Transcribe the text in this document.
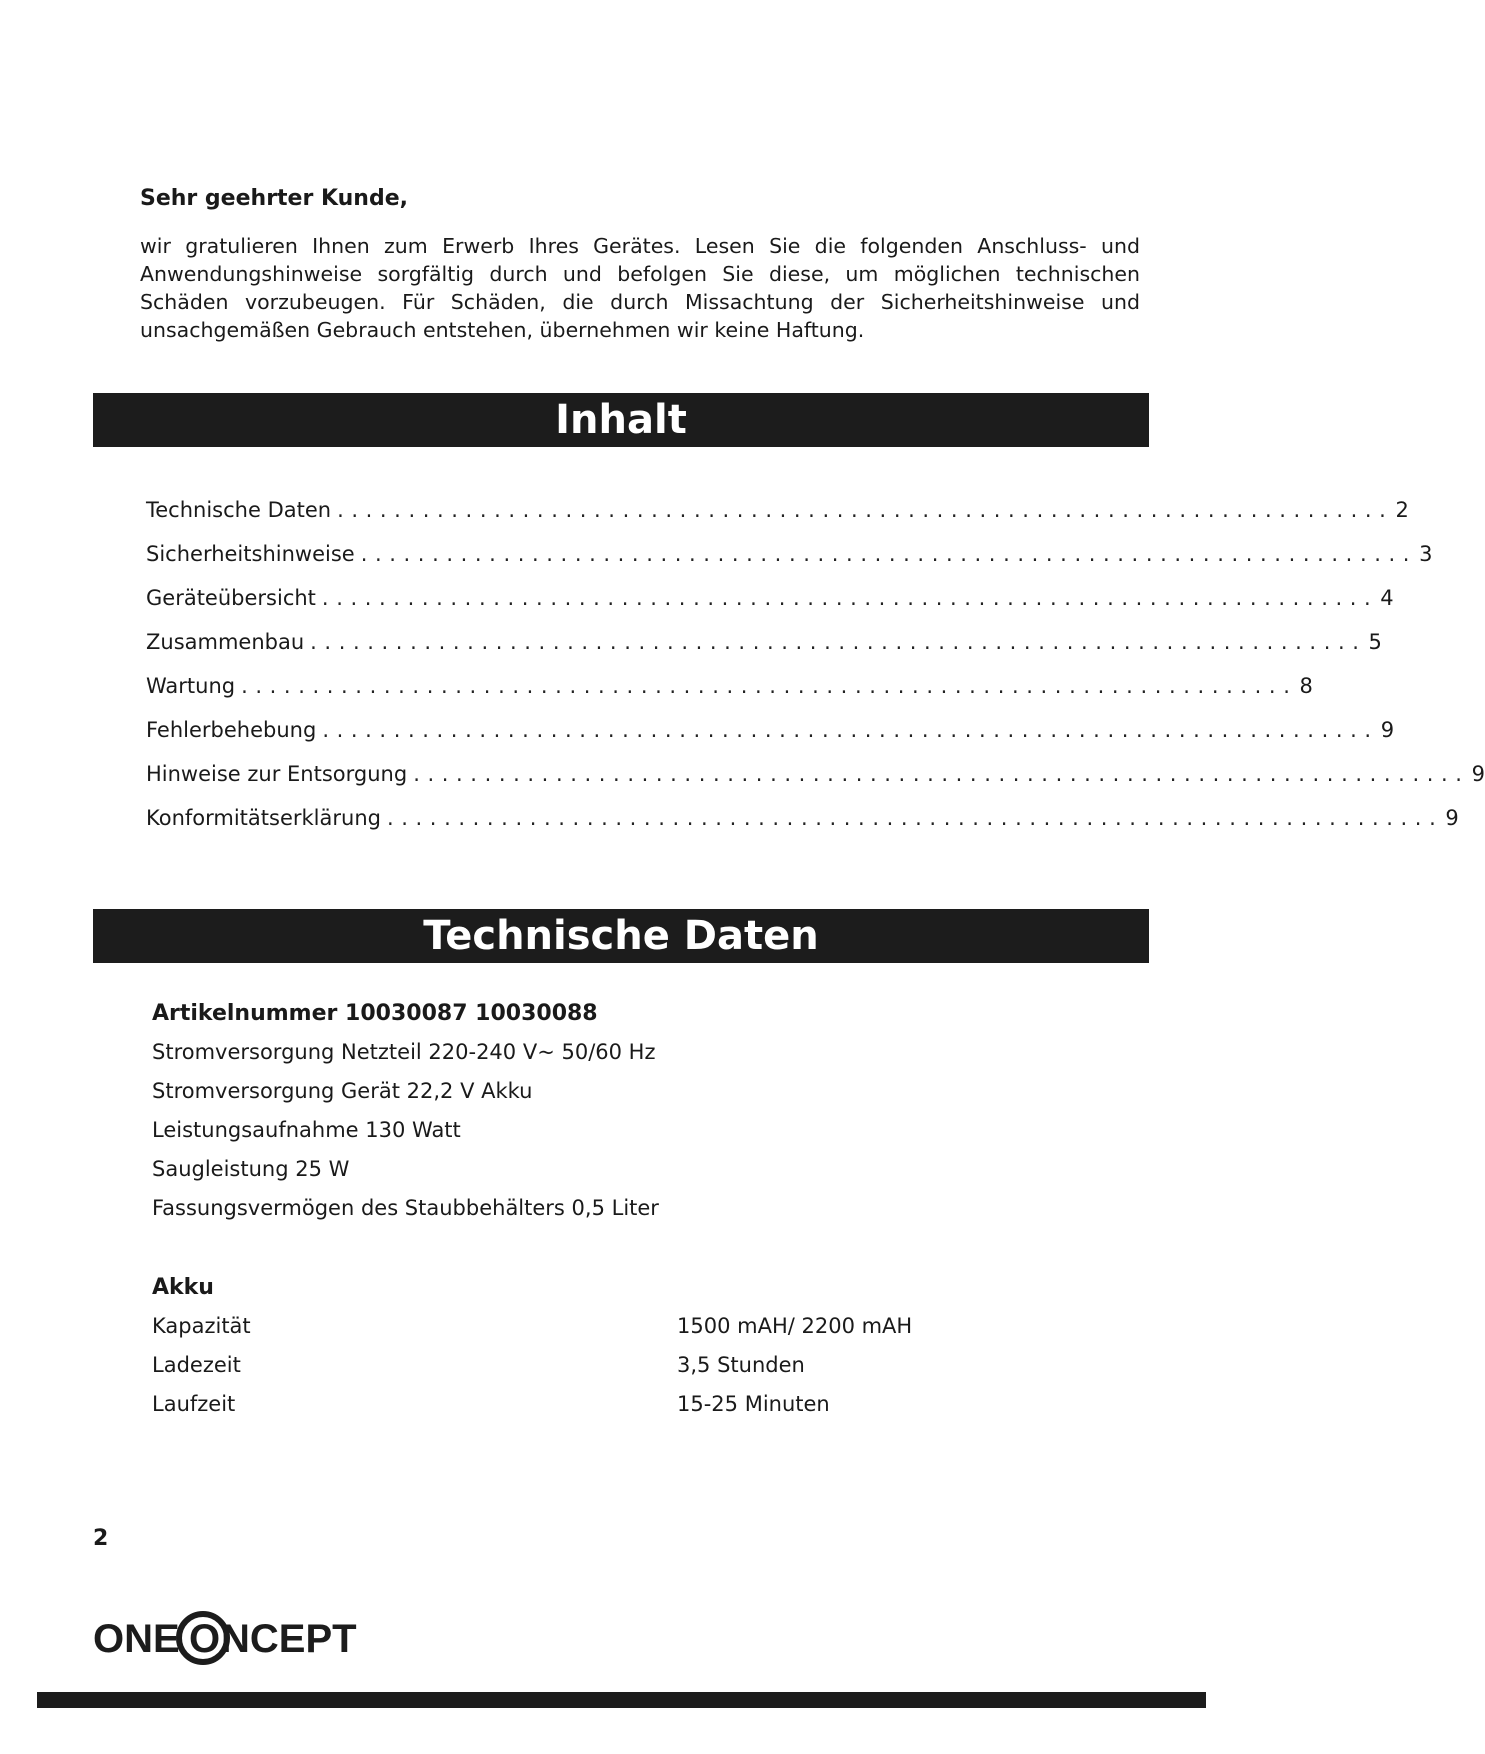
Sehr geehrter Kunde,
wir gratulieren Ihnen zum Erwerb Ihres Gerätes. Lesen Sie die folgenden Anschluss- und Anwendungshinweise sorgfältig durch und befolgen Sie diese, um möglichen technischen Schäden vorzubeugen. Für Schäden, die durch Missachtung der Sicherheitshinweise und unsachgemäßen Gebrauch entstehen, übernehmen wir keine Haftung.
Inhalt
Technische Daten .......................................................................... 2
Sicherheitshinweise .......................................................................... 3
Geräteübersicht .......................................................................... 4
Zusammenbau .......................................................................... 5
Wartung .......................................................................... 8
Fehlerbehebung .......................................................................... 9
Hinweise zur Entsorgung .......................................................................... 9
Konformitätserklärung .......................................................................... 9
Technische Daten
Artikelnummer 10030087 10030088
Stromversorgung Netzteil 220-240 V~ 50/60 Hz
Stromversorgung Gerät 22,2 V Akku
Leistungsaufnahme 130 Watt
Saugleistung 25 W
Fassungsvermögen des Staubbehälters 0,5 Liter
Akku
Kapazität	1500 mAH/ 2200 mAH
Ladezeit	3,5 Stunden
Laufzeit	15-25 Minuten
2
ONE O NCEPT
